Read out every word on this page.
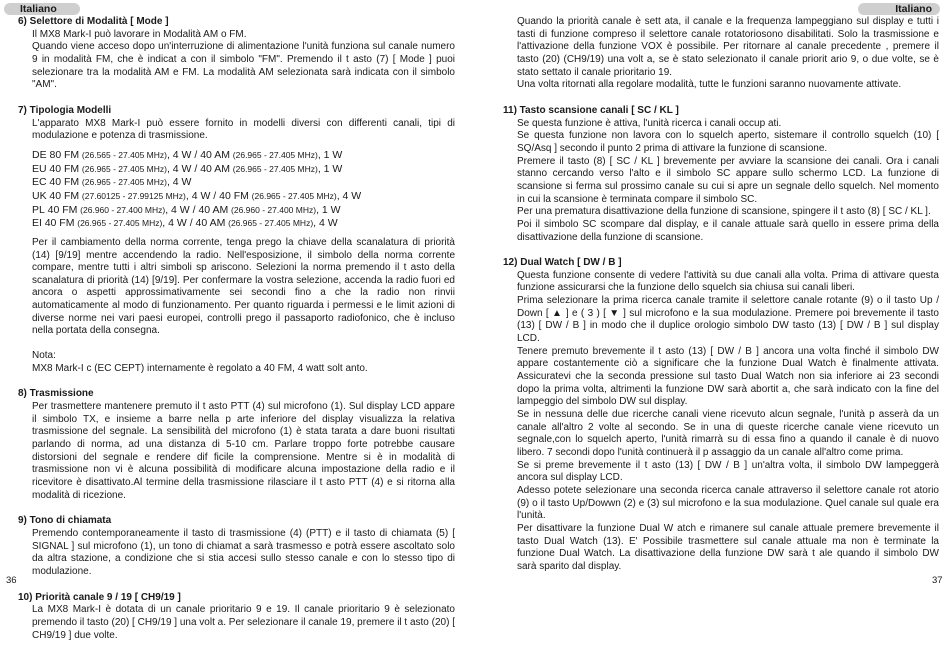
Italiano
6) Selettore di Modalità [ Mode ]

Il MX8 Mark-I può lavorare in Modalità AM o FM.

Quando viene acceso dopo un'interruzione di alimentazione l'unità funziona sul canale numero 9 in modalità FM, che è indicat a con il simbolo "FM". Premendo il t asto (7) [ Mode ] puoi selezionare tra la modalità AM e FM. La modalità AM selezionata sarà indicata con il simbolo "AM".

7) Tipologia Modelli

L'apparato MX8 Mark-I può essere fornito in modelli diversi con differenti canali, tipi di modulazione e potenza di trasmissione.

DE 80 FM (26.565 - 27.405 MHz), 4 W / 40 AM (26.965 - 27.405 MHz), 1 W

EU 40 FM (26.965 - 27.405 MHz), 4 W / 40 AM (26.965 - 27.405 MHz), 1 W

EC 40 FM (26.965 - 27.405 MHz), 4 W

UK 40 FM (27.60125 - 27.99125 MHz), 4 W / 40 FM (26.965 - 27.405 MHz), 4 W

PL 40 FM (26.960 - 27.400 MHz), 4 W / 40 AM (26.960 - 27.400 MHz), 1 W

EI 40 FM (26.965 - 27.405 MHz), 4 W / 40 AM (26.965 - 27.405 MHz), 4 W

Per il cambiamento della norma corrente, tenga prego la chiave della scanalatura di priorità (14) [9/19] mentre accendendo la radio. Nell'esposizione, il simbolo della norma corrente compare, mentre tutti i altri simboli sp ariscono. Selezioni la norma premendo il t asto della scanalatura di priorità (14) [9/19]. Per confermare la vostra selezione, accenda la radio fuori ed ancora o aspetti approssimativamente sei secondi fino a che la radio non rinvii automaticamente al modo di funzionamento. Per quanto riguarda i permessi e le limit azioni di diverse norme nei vari paesi europei, controlli prego il passaporto radiofonico, che è incluso nella portata della consegna.

Nota:

MX8 Mark-I c (EC CEPT) internamente è regolato a 40 FM, 4 watt solt anto.

8) Trasmissione

Per trasmettere mantenere premuto il t asto PTT (4) sul microfono (1). Sul display LCD appare il simbolo TX, e insieme a barre nella p arte inferiore del display visualizza la relativa trasmissione del segnale. La sensibilità del microfono (1) è stata tarata a dare buoni risultati parlando di norma, ad una distanza di 5-10 cm. Parlare troppo forte potrebbe causare distorsioni del segnale e rendere dif ficile la comprensione. Mentre si è in modalità di trasmissione non vi è alcuna possibilità di modificare alcuna impostazione della radio e il ricevitore è disattivato.Al termine della trasmissione rilasciare il t asto PTT (4) e si ritorna alla modalità di ricezione.

9) Tono di chiamata

Premendo contemporaneamente il tasto di trasmissione (4) (PTT) e il tasto di chiamata (5) [ SIGNAL ] sul microfono (1), un tono di chiamat a sarà trasmesso e potrà essere ascoltato solo da altra stazione, a condizione che si stia accesi sullo stesso canale e con lo stesso tipo di modulazione.

10) Priorità canale 9 / 19 [ CH9/19 ]

La MX8 Mark-I è dotata di un canale prioritario 9 e 19. Il canale prioritario 9 è selezionato premendo il tasto (20) [ CH9/19 ] una volt a. Per selezionare il canale 19, premere il t asto (20) [ CH9/19 ] due volte.

36
Italiano

Quando la priorità canale è sett ata, il canale e la frequenza lampeggiano sul display e tutti i tasti di funzione compreso il selettore canale rotatoriosono disabilitati. Solo la trasmissione e l'attivazione della funzione VOX è possibile. Per ritornare al canale precedente , premere il tasto (20) (CH9/19) una volt a, se è stato selezionato il canale priorit ario 9, o due volte, se è stato settato il canale prioritario 19.

Una volta ritornati alla regolare modalità, tutte le funzioni saranno nuovamente attivate.

11) Tasto scansione canali [ SC / KL ]

Se questa funzione è attiva, l'unità ricerca i canali occup ati.

Se questa funzione non lavora con lo squelch aperto, sistemare il controllo squelch (10) [ SQ/Asq ] secondo il punto 2 prima di attivare la funzione di scansione.

Premere il tasto (8) [ SC / KL ] brevemente per avviare la scansione dei canali. Ora i canali stanno cercando verso l'alto e il simbolo SC appare sullo schermo LCD. La funzione di scansione si ferma sul prossimo canale su cui si apre un segnale dello squelch. Nel momento in cui la scansione è terminata compare il simbolo SC.

Per una prematura disattivazione della funzione di scansione, spingere il t asto (8) [ SC / KL ].

Poi il simbolo SC scompare dal display, e il canale attuale sarà quello in essere prima della disattivazione della funzione di scansione.

12) Dual Watch [ DW / B ]

Questa funzione consente di vedere l'attività su due canali alla volta. Prima di attivare questa funzione assicurarsi che la funzione dello squelch sia chiusa sui canali liberi.

Prima selezionare la prima ricerca canale tramite il selettore canale rotante (9) o il tasto Up / Down [ ▲ ] e ( 3 ) [ ▼ ] sul microfono e la sua modulazione. Premere poi brevemente il tasto (13) [ DW / B ] in modo che il duplice orologio simbolo DW tasto (13) [ DW / B ] sul display LCD.

Tenere premuto brevemente il t asto (13) [ DW / B ] ancora una volta finché il simbolo DW appare costantemente ciò a significare che la funzione Dual Watch è finalmente attivata. Assicuratevi che la seconda pressione sul tasto Dual Watch non sia inferiore ai 23 secondi dopo la prima volta, altrimenti la funzione DW sarà abortit a, che sarà indicato con la fine del lampeggio del simbolo DW sul display.

Se in nessuna delle due ricerche canali viene ricevuto alcun segnale, l'unità p asserà da un canale all'altro 2 volte al secondo. Se in una di queste ricerche canale viene ricevuto un segnale,con lo squelch aperto, l'unità rimarrà su di essa fino a quando il canale è di nuovo libero. 7 secondi dopo l'unità continuerà il p assaggio da un canale all'altro come prima.

Se si preme brevemente il t asto (13) [ DW / B ] un'altra volta, il simbolo DW lampeggerà ancora sul display LCD.

Adesso potete selezionare una seconda ricerca canale attraverso il selettore canale rot atorio (9) o il tasto Up/Dowwn (2) e (3) sul microfono e la sua modulazione. Quel canale sul quale era l'unità.

Per disattivare la funzione Dual W atch e rimanere sul canale attuale premere brevemente il tasto Dual Watch (13). E' Possibile trasmettere sul canale attuale ma non è terminate la funzione Dual Watch. La disattivazione della funzione DW sarà t ale quando il simbolo DW sarà sparito dal display.

37
